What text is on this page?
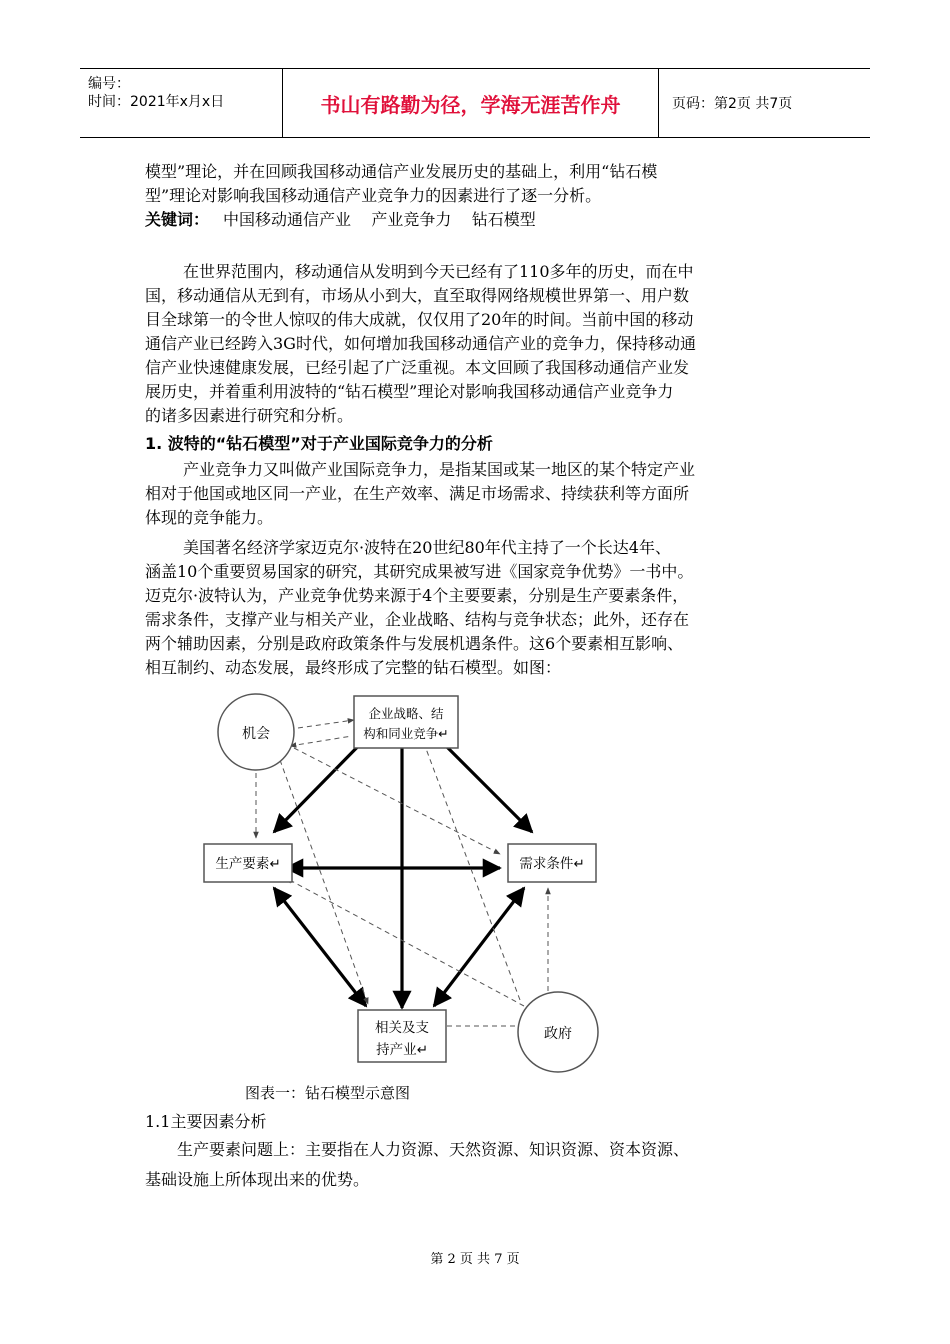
编号：
时间：2021年x月x日	书山有路勤为径，学海无涯苦作舟	页码：第2页 共7页
模型”理论，并在回顾我国移动通信产业发展历史的基础上，利用“钻石模
型”理论对影响我国移动通信产业竞争力的因素进行了逐一分析。
关键词： 中国移动通信产业    产业竞争力    钻石模型
在世界范围内，移动通信从发明到今天已经有了110多年的历史，而在中
国，移动通信从无到有，市场从小到大，直至取得网络规模世界第一、用户数
目全球第一的令世人惊叹的伟大成就，仅仅用了20年的时间。当前中国的移动
通信产业已经跨入3G时代，如何增加我国移动通信产业的竞争力，保持移动通
信产业快速健康发展，已经引起了广泛重视。本文回顾了我国移动通信产业发
展历史，并着重利用波特的“钻石模型”理论对影响我国移动通信产业竞争力
的诸多因素进行研究和分析。
1. 波特的“钻石模型”对于产业国际竞争力的分析
产业竞争力又叫做产业国际竞争力，是指某国或某一地区的某个特定产业
相对于他国或地区同一产业，在生产效率、满足市场需求、持续获利等方面所
体现的竞争能力。
美国著名经济学家迈克尔·波特在20世纪80年代主持了一个长达4年、
涵盖10个重要贸易国家的研究，其研究成果被写进《国家竞争优势》一书中。
迈克尔·波特认为，产业竞争优势来源于4个主要要素，分别是生产要素条件，
需求条件，支撑产业与相关产业，企业战略、结构与竞争状态；此外，还存在
两个辅助因素，分别是政府政策条件与发展机遇条件。这6个要素相互影响、
相互制约、动态发展，最终形成了完整的钻石模型。如图：
机会
政府
企业战略、结
构和同业竞争↵
生产要素↵	需求条件↵
相关及支
持产业↵
图表一：钻石模型示意图
1.1主要因素分析
生产要素问题上：主要指在人力资源、天然资源、知识资源、资本资源、
基础设施上所体现出来的优势。
第 2 页 共 7 页
